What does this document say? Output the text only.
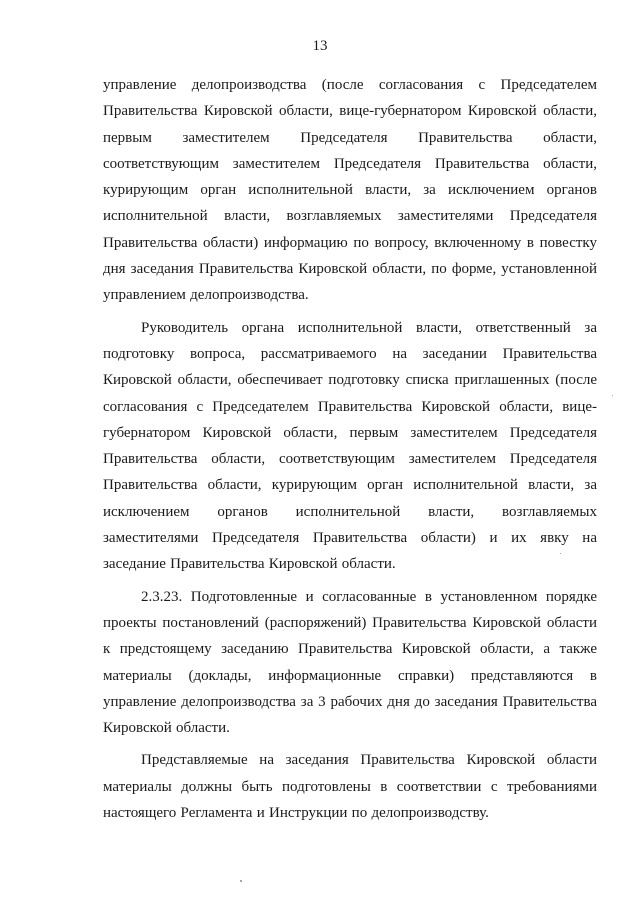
13

управление делопроизводства (после согласования с Председателем Правительства Кировской области, вице-губернатором Кировской области, первым заместителем Председателя Правительства области, соответствующим заместителем Председателя Правительства области, курирующим орган исполнительной власти, за исключением органов исполнительной власти, возглавляемых заместителями Председателя Правительства области) информацию по вопросу, включенному в повестку дня заседания Правительства Кировской области, по форме, установленной управлением делопроизводства.

Руководитель органа исполнительной власти, ответственный за подготовку вопроса, рассматриваемого на заседании Правительства Кировской области, обеспечивает подготовку списка приглашенных (после согласования с Председателем Правительства Кировской области, вице-губернатором Кировской области, первым заместителем Председателя Правительства области, соответствующим заместителем Председателя Правительства области, курирующим орган исполнительной власти, за исключением органов исполнительной власти, возглавляемых заместителями Председателя Правительства области) и их явку на заседание Правительства Кировской области.

2.3.23. Подготовленные и согласованные в установленном порядке проекты постановлений (распоряжений) Правительства Кировской области к предстоящему заседанию Правительства Кировской области, а также материалы (доклады, информационные справки) представляются в управление делопроизводства за 3 рабочих дня до заседания Правительства Кировской области.

Представляемые на заседания Правительства Кировской области материалы должны быть подготовлены в соответствии с требованиями настоящего Регламента и Инструкции по делопроизводству.
